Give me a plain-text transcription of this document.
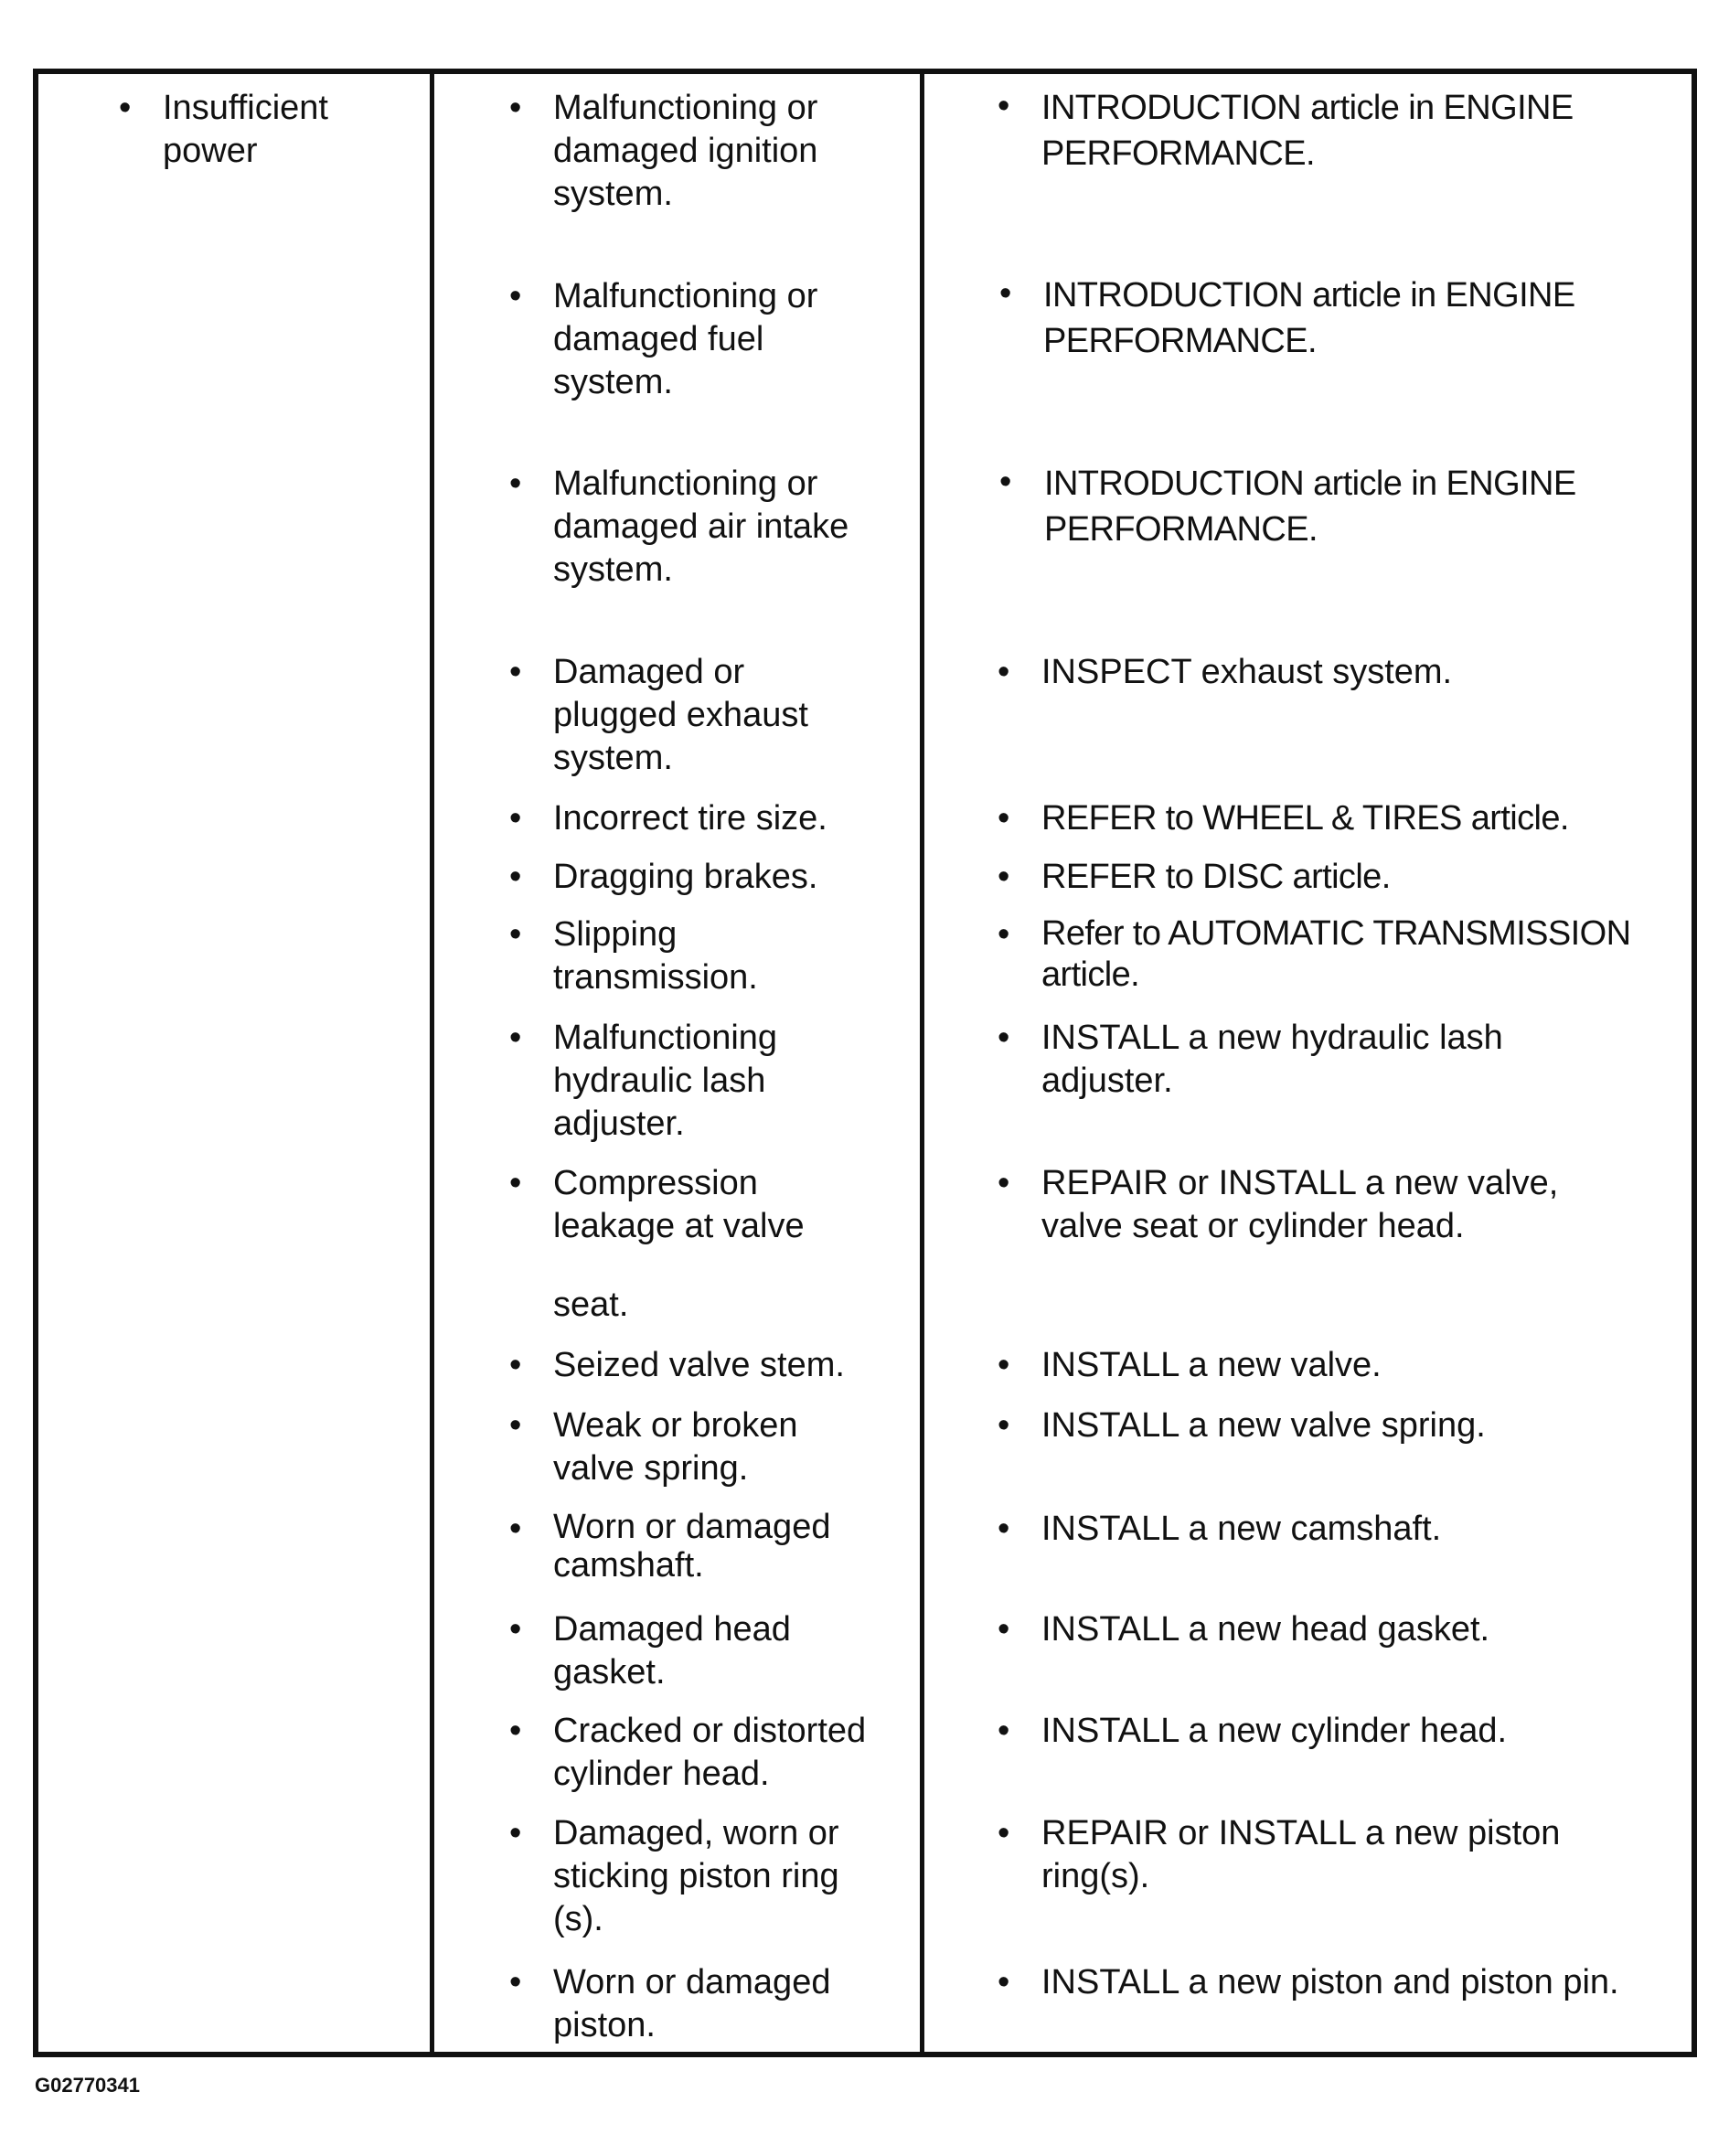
• Insufficient power
• Malfunctioning or damaged ignition system.
• Malfunctioning or damaged fuel system.
• Malfunctioning or damaged air intake system.
• Damaged or plugged exhaust system.
• Incorrect tire size.
• Dragging brakes.
• Slipping transmission.
• Malfunctioning hydraulic lash adjuster.
• Compression leakage at valve
seat.
• Seized valve stem.
• Weak or broken valve spring.
• Worn or damaged camshaft.
• Damaged head gasket.
• Cracked or distorted cylinder head.
• Damaged, worn or sticking piston ring (s).
• Worn or damaged piston.
• INTRODUCTION article in ENGINE PERFORMANCE.
• INTRODUCTION article in ENGINE PERFORMANCE.
• INTRODUCTION article in ENGINE PERFORMANCE.
• INSPECT exhaust system.
• REFER to WHEEL & TIRES article.
• REFER to DISC article.
• Refer to AUTOMATIC TRANSMISSION article.
• INSTALL a new hydraulic lash adjuster.
• REPAIR or INSTALL a new valve, valve seat or cylinder head.
• INSTALL a new valve.
• INSTALL a new valve spring.
• INSTALL a new camshaft.
• INSTALL a new head gasket.
• INSTALL a new cylinder head.
• REPAIR or INSTALL a new piston ring(s).
• INSTALL a new piston and piston pin.
G02770341
